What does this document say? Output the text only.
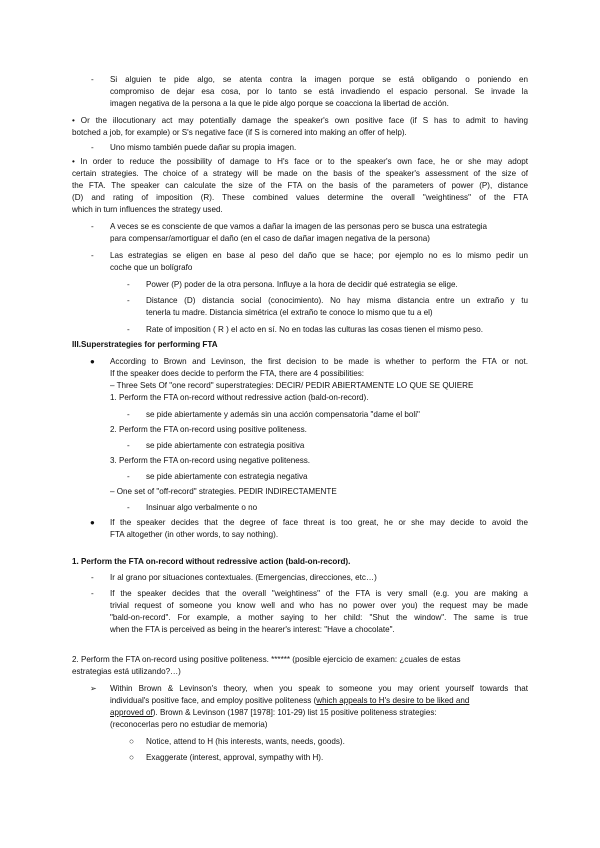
- Si alguien te pide algo, se atenta contra la imagen porque se está obligando o poniendo en
compromiso de dejar esa cosa, por lo tanto se está invadiendo el espacio personal. Se invade la
imagen negativa de la persona a la que le pide algo porque se coacciona la libertad de acción.
• Or the illocutionary act may potentially damage the speaker's own positive face (if S has to admit to having
botched a job, for example) or S's negative face (if S is cornered into making an offer of help).
- Uno mismo también puede dañar su propia imagen.
• In order to reduce the possibility of damage to H's face or to the speaker's own face, he or she may adopt
certain strategies. The choice of a strategy will be made on the basis of the speaker's assessment of the size of
the FTA. The speaker can calculate the size of the FTA on the basis of the parameters of power (P), distance
(D) and rating of imposition (R). These combined values determine the overall "weightiness" of the FTA
which in turn influences the strategy used.
- A veces se es consciente de que vamos a dañar la imagen de las personas pero se busca una estrategia
para compensar/amortiguar el daño (en el caso de dañar imagen negativa de la persona)
- Las estrategias se eligen en base al peso del daño que se hace; por ejemplo no es lo mismo pedir un
coche que un bolígrafo
- Power (P) poder de la otra persona. Influye a la hora de decidir qué estrategia se elige.
- Distance (D) distancia social (conocimiento). No hay misma distancia entre un extraño y tu
tenerla tu madre. Distancia simétrica (el extraño te conoce lo mismo que tu a el)
- Rate of imposition ( R ) el acto en sí. No en todas las culturas las cosas tienen el mismo peso.
III.Superstrategies for performing FTA
● According to Brown and Levinson, the first decision to be made is whether to perform the FTA or not.
If the speaker does decide to perform the FTA, there are 4 possibilities:
– Three Sets Of "one record" superstrategies: DECIR/ PEDIR ABIERTAMENTE LO QUE SE QUIERE
1. Perform the FTA on-record without redressive action (bald-on-record).
- se pide abiertamente y además sin una acción compensatoria "dame el boli"
2. Perform the FTA on-record using positive politeness.
- se pide abiertamente con estrategia positiva
3. Perform the FTA on-record using negative politeness.
- se pide abiertamente con estrategia negativa
– One set of "off-record" strategies. PEDIR INDIRECTAMENTE
- Insinuar algo verbalmente o no
● If the speaker decides that the degree of face threat is too great, he or she may decide to avoid the
FTA altogether (in other words, to say nothing).
1. Perform the FTA on-record without redressive action (bald-on-record).
- Ir al grano por situaciones contextuales. (Emergencias, direcciones, etc…)
- If the speaker decides that the overall "weightiness" of the FTA is very small (e.g. you are making a
trivial request of someone you know well and who has no power over you) the request may be made
"bald-on-record". For example, a mother saying to her child: "Shut the window". The same is true
when the FTA is perceived as being in the hearer's interest: "Have a chocolate".
2. Perform the FTA on-record using positive politeness. ****** (posible ejercicio de examen: ¿cuales de estas
estrategias está utilizando?…)
➢ Within Brown & Levinson's theory, when you speak to someone you may orient yourself towards that
individual's positive face, and employ positive politeness (which appeals to H's desire to be liked and
approved of). Brown & Levinson (1987 [1978]: 101-29) list 15 positive politeness strategies:
(reconocerlas pero no estudiar de memoria)
○ Notice, attend to H (his interests, wants, needs, goods).
○ Exaggerate (interest, approval, sympathy with H).
